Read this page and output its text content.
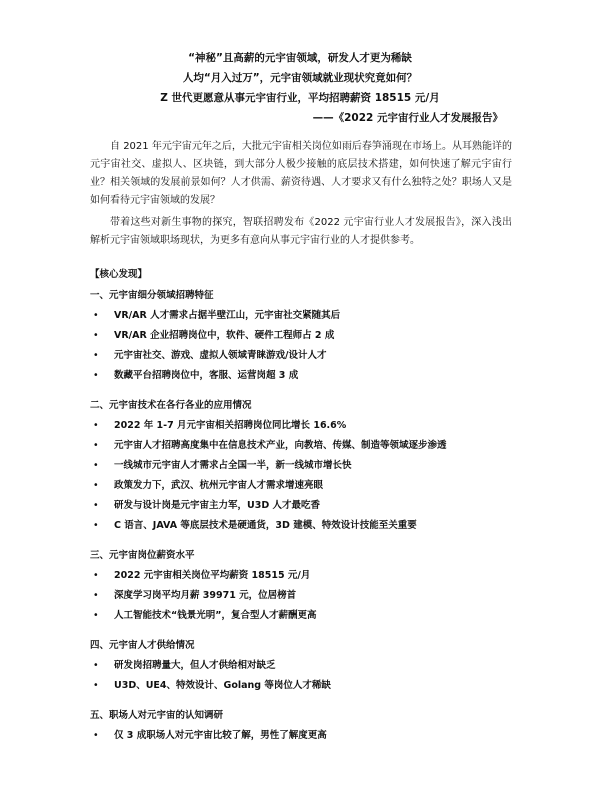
“神秘”且高薪的元宇宙领域，研发人才更为稀缺
人均“月入过万”，元宇宙领域就业现状究竟如何？
Z 世代更愿意从事元宇宙行业，平均招聘薪资 18515 元/月
——《2022 元宇宙行业人才发展报告》

自 2021 年元宇宙元年之后，大批元宇宙相关岗位如雨后春笋涌现在市场上。从耳熟能详的元宇宙社交、虚拟人、区块链，到大部分人极少接触的底层技术搭建，如何快速了解元宇宙行业？相关领域的发展前景如何？人才供需、薪资待遇、人才要求又有什么独特之处？职场人又是如何看待元宇宙领域的发展？

带着这些对新生事物的探究，智联招聘发布《2022 元宇宙行业人才发展报告》，深入浅出解析元宇宙领域职场现状，为更多有意向从事元宇宙行业的人才提供参考。

【核心发现】
一、元宇宙细分领域招聘特征
• VR/AR 人才需求占据半壁江山，元宇宙社交紧随其后
• VR/AR 企业招聘岗位中，软件、硬件工程师占 2 成
• 元宇宙社交、游戏、虚拟人领域青睐游戏/设计人才
• 数藏平台招聘岗位中，客服、运营岗超 3 成
二、元宇宙技术在各行各业的应用情况
• 2022 年 1-7 月元宇宙相关招聘岗位同比增长 16.6%
• 元宇宙人才招聘高度集中在信息技术产业，向教培、传媒、制造等领域逐步渗透
• 一线城市元宇宙人才需求占全国一半，新一线城市增长快
• 政策发力下，武汉、杭州元宇宙人才需求增速亮眼
• 研发与设计岗是元宇宙主力军，U3D 人才最吃香
• C 语言、JAVA 等底层技术是硬通货，3D 建模、特效设计技能至关重要
三、元宇宙岗位薪资水平
• 2022 元宇宙相关岗位平均薪资 18515 元/月
• 深度学习岗平均月薪 39971 元，位居榜首
• 人工智能技术“钱景光明”，复合型人才薪酬更高
四、元宇宙人才供给情况
• 研发岗招聘量大，但人才供给相对缺乏
• U3D、UE4、特效设计、Golang 等岗位人才稀缺
五、职场人对元宇宙的认知调研
• 仅 3 成职场人对元宇宙比较了解，男性了解度更高
